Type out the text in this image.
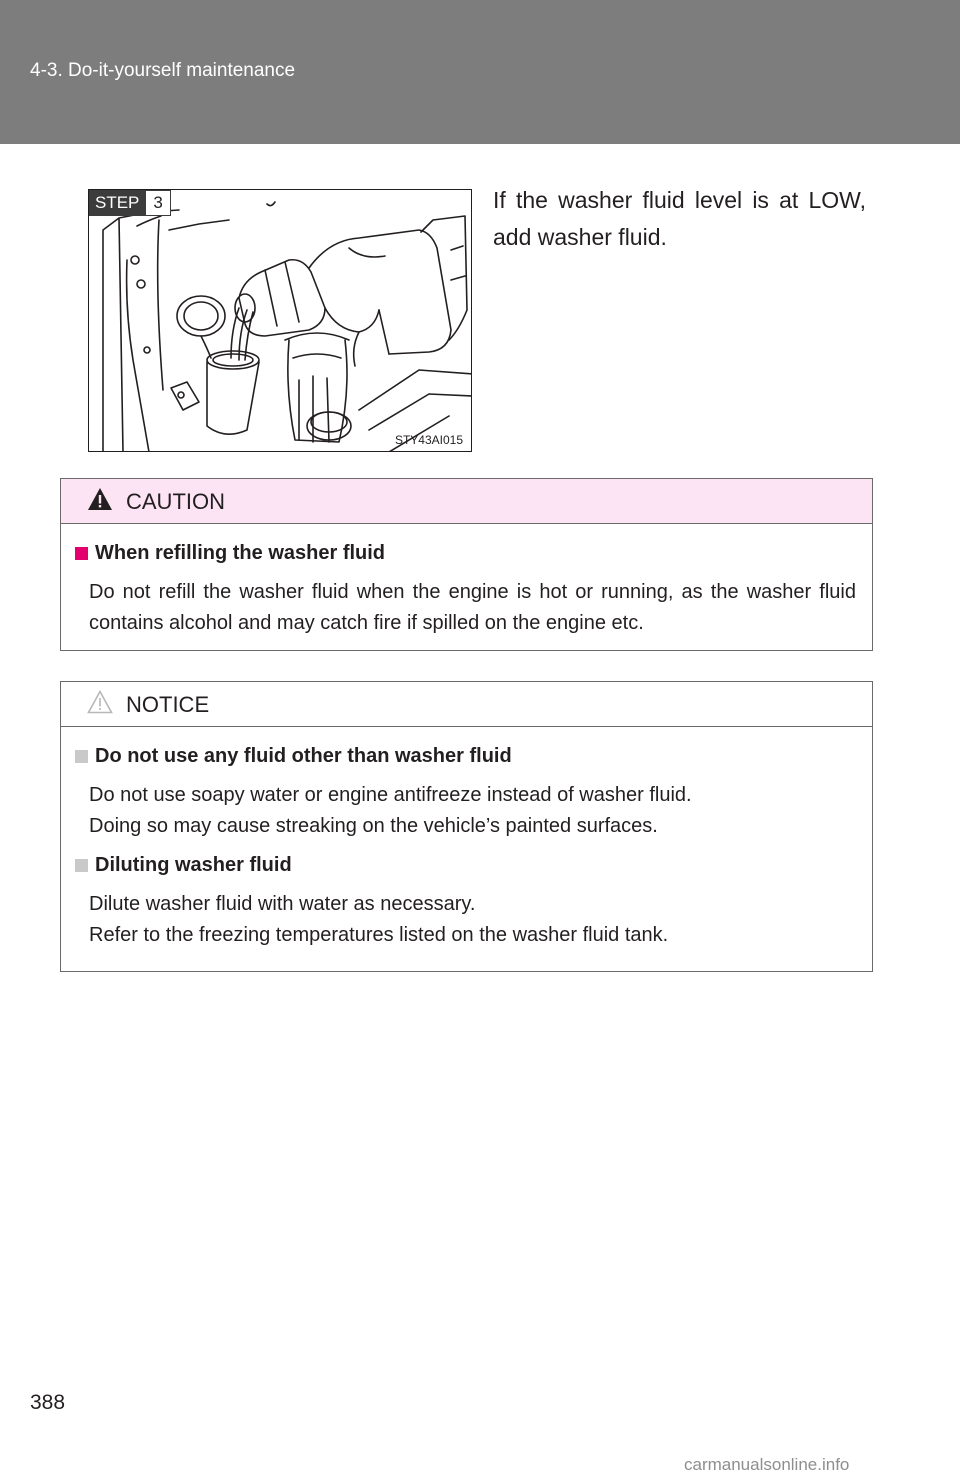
4-3. Do-it-yourself maintenance
STEP 3
STY43AI015
If the washer fluid level is at LOW, add washer fluid.
CAUTION
When refilling the washer fluid
Do not refill the washer fluid when the engine is hot or running, as the washer fluid contains alcohol and may catch fire if spilled on the engine etc.
NOTICE
Do not use any fluid other than washer fluid
Do not use soapy water or engine antifreeze instead of washer fluid.
Doing so may cause streaking on the vehicle’s painted surfaces.
Diluting washer fluid
Dilute washer fluid with water as necessary.
Refer to the freezing temperatures listed on the washer fluid tank.
388
carmanualsonline.info
